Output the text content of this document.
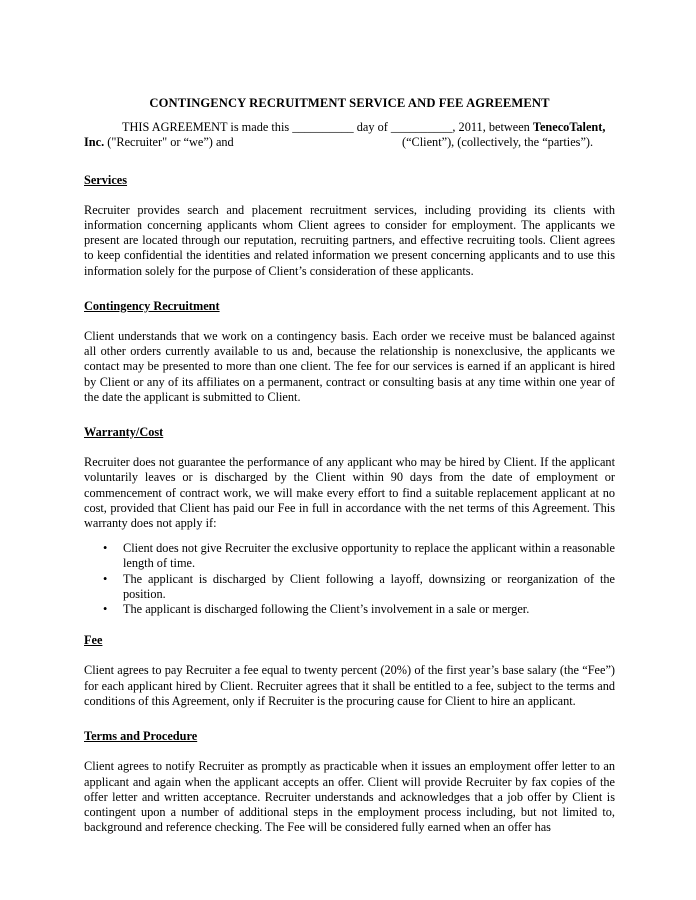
CONTINGENCY RECRUITMENT SERVICE AND FEE AGREEMENT
THIS AGREEMENT is made this __________ day of __________, 2011, between TenecoTalent,
Inc. ("Recruiter" or “we”) and	(“Client”), (collectively, the “parties”).
Services
Recruiter provides search and placement recruitment services, including providing its clients with information concerning applicants whom Client agrees to consider for employment. The applicants we present are located through our reputation, recruiting partners, and effective recruiting tools. Client agrees to keep confidential the identities and related information we present concerning applicants and to use this information solely for the purpose of Client’s consideration of these applicants.
Contingency Recruitment
Client understands that we work on a contingency basis. Each order we receive must be balanced against all other orders currently available to us and, because the relationship is nonexclusive, the applicants we contact may be presented to more than one client. The fee for our services is earned if an applicant is hired by Client or any of its affiliates on a permanent, contract or consulting basis at any time within one year of the date the applicant is submitted to Client.
Warranty/Cost
Recruiter does not guarantee the performance of any applicant who may be hired by Client. If the applicant voluntarily leaves or is discharged by the Client within 90 days from the date of employment or commencement of contract work, we will make every effort to find a suitable replacement applicant at no cost, provided that Client has paid our Fee in full in accordance with the net terms of this Agreement. This warranty does not apply if:
• Client does not give Recruiter the exclusive opportunity to replace the applicant within a reasonable length of time.
• The applicant is discharged by Client following a layoff, downsizing or reorganization of the position.
• The applicant is discharged following the Client’s involvement in a sale or merger.
Fee
Client agrees to pay Recruiter a fee equal to twenty percent (20%) of the first year’s base salary (the “Fee”) for each applicant hired by Client. Recruiter agrees that it shall be entitled to a fee, subject to the terms and conditions of this Agreement, only if Recruiter is the procuring cause for Client to hire an applicant.
Terms and Procedure
Client agrees to notify Recruiter as promptly as practicable when it issues an employment offer letter to an applicant and again when the applicant accepts an offer. Client will provide Recruiter by fax copies of the offer letter and written acceptance. Recruiter understands and acknowledges that a job offer by Client is contingent upon a number of additional steps in the employment process including, but not limited to, background and reference checking. The Fee will be considered fully earned when an offer has
